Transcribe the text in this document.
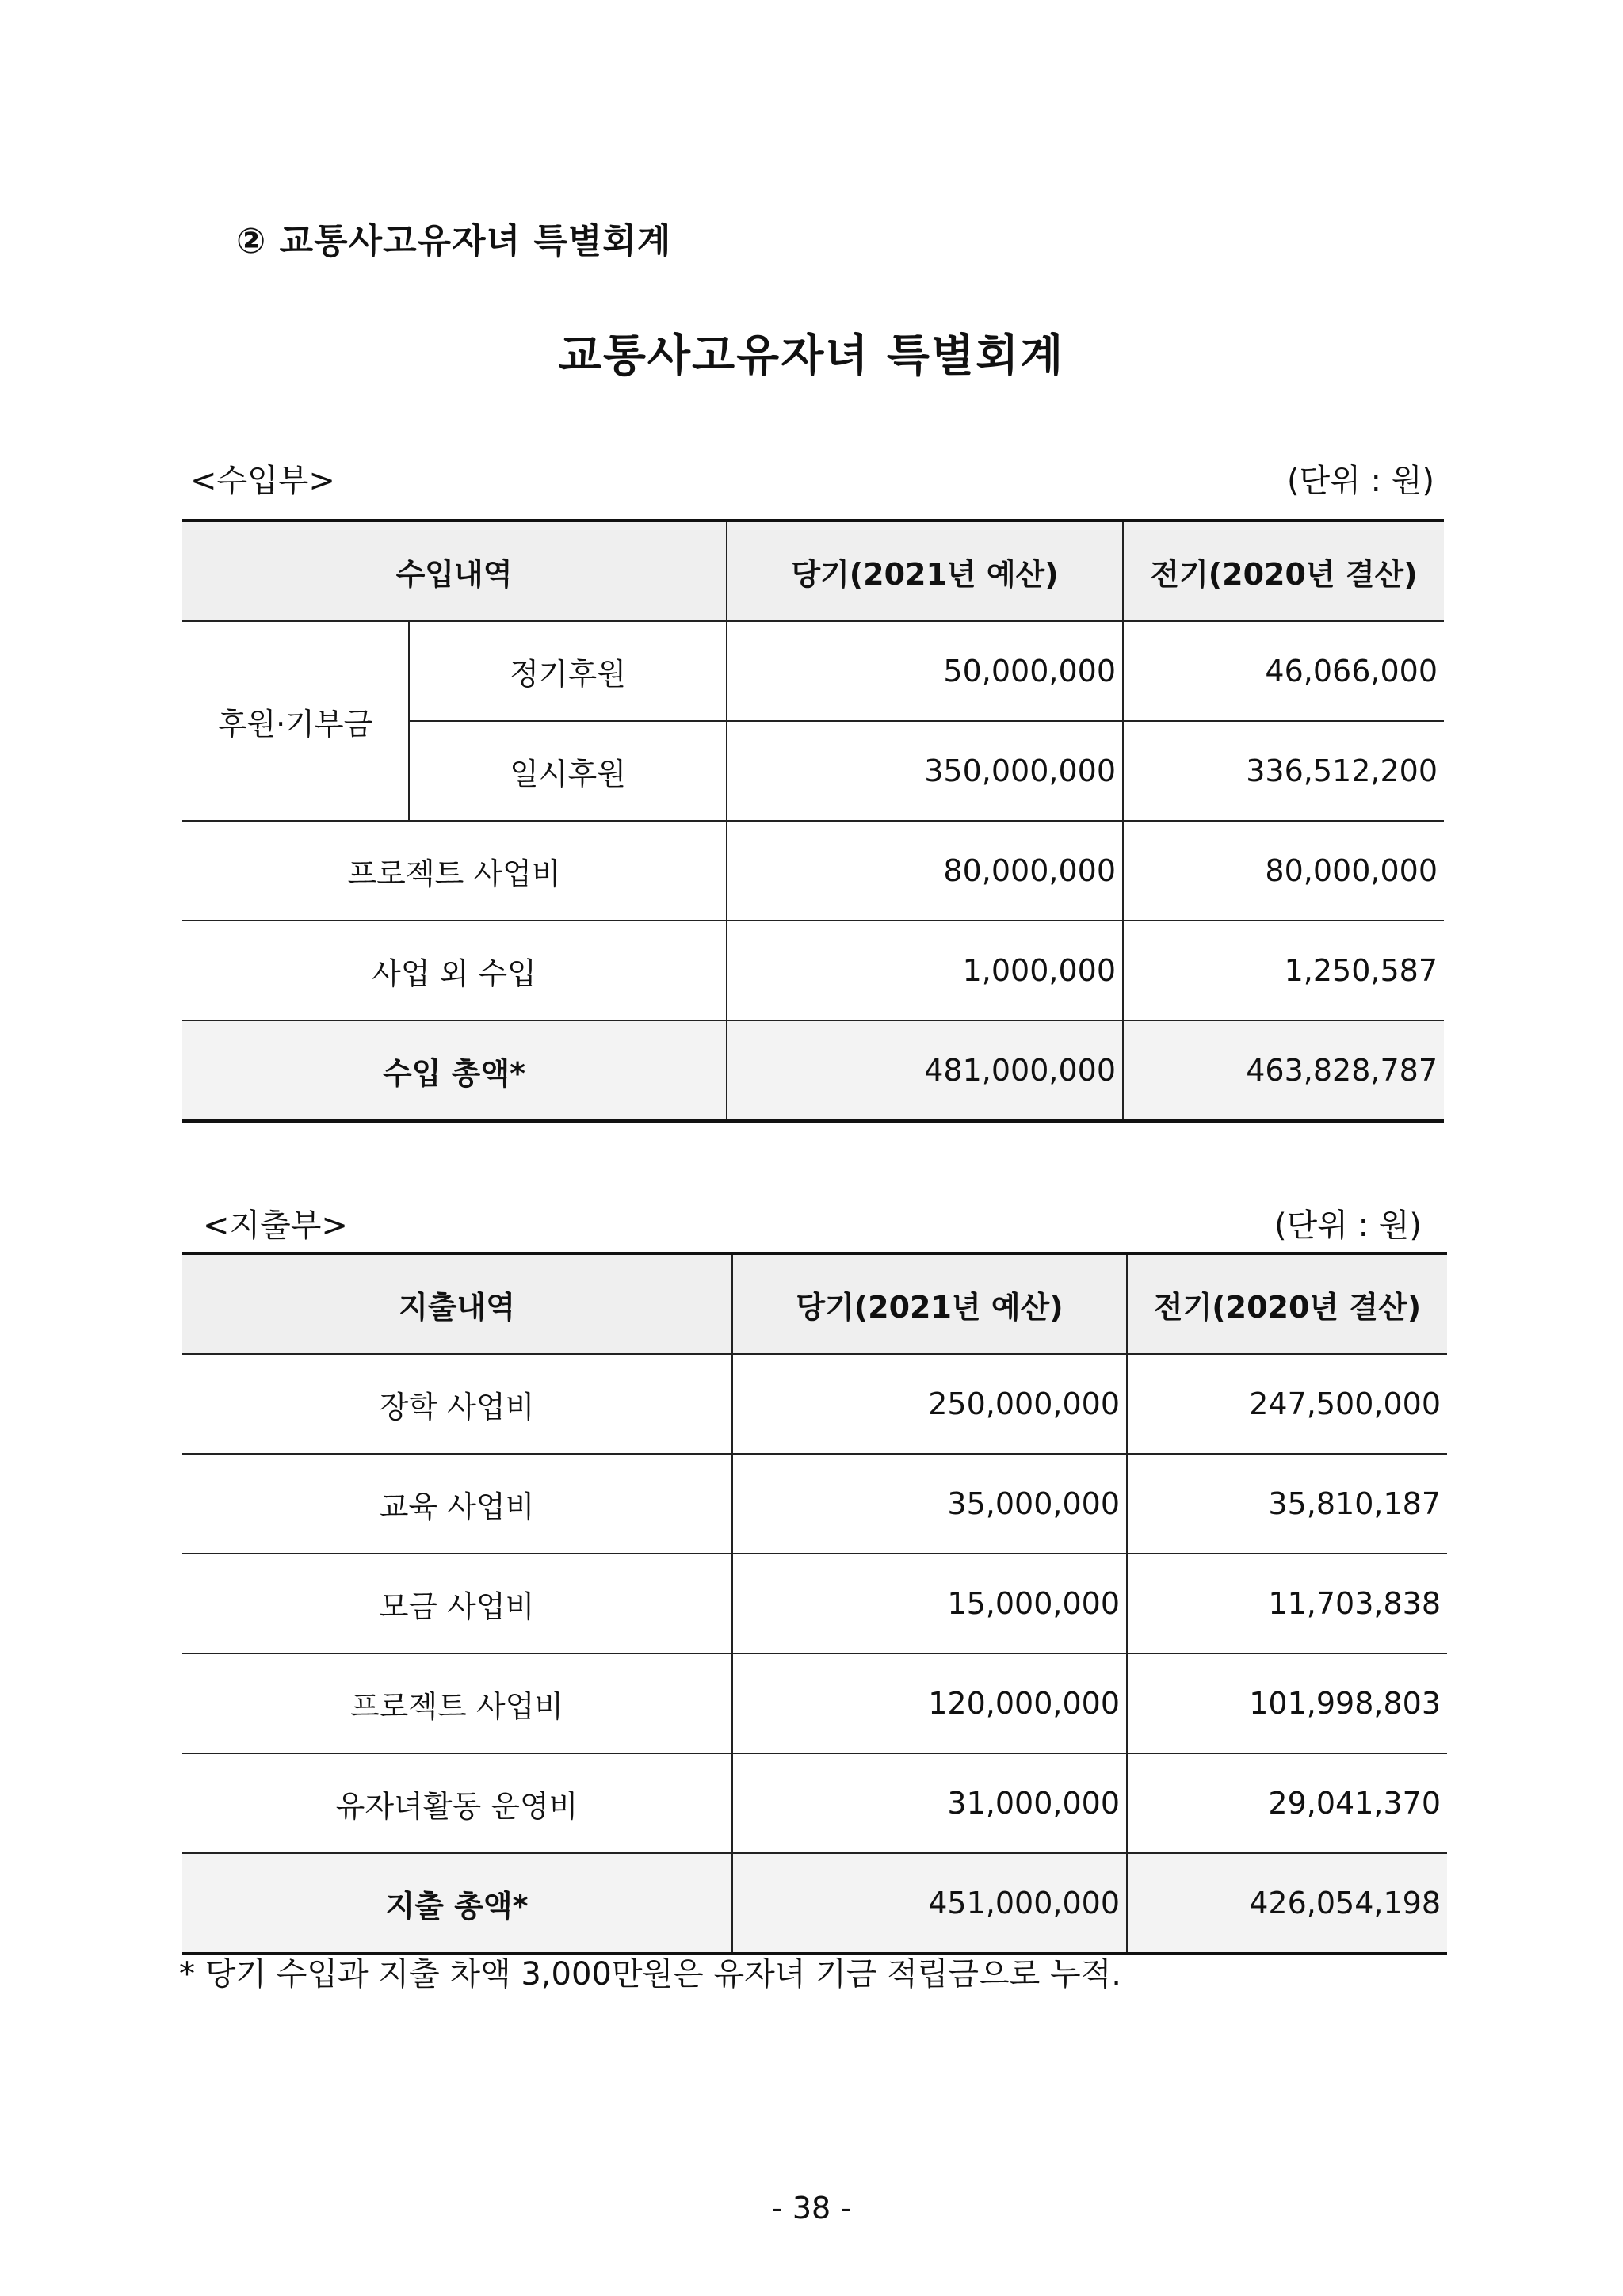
② 교통사고유자녀 특별회계
교통사고유자녀 특별회계
<수입부>	(단위 : 원)
수입내역		당기(2021년 예산)	전기(2020년 결산)
후원·기부금	정기후원	50,000,000	46,066,000
	일시후원	350,000,000	336,512,200
프로젝트 사업비		80,000,000	80,000,000
사업 외 수입		1,000,000	1,250,587
수입 총액*		481,000,000	463,828,787
<지출부>	(단위 : 원)
지출내역	당기(2021년 예산)	전기(2020년 결산)
장학 사업비	250,000,000	247,500,000
교육 사업비	35,000,000	35,810,187
모금 사업비	15,000,000	11,703,838
프로젝트 사업비	120,000,000	101,998,803
유자녀활동 운영비	31,000,000	29,041,370
지출 총액*	451,000,000	426,054,198
* 당기 수입과 지출 차액 3,000만원은 유자녀 기금 적립금으로 누적.
- 38 -
